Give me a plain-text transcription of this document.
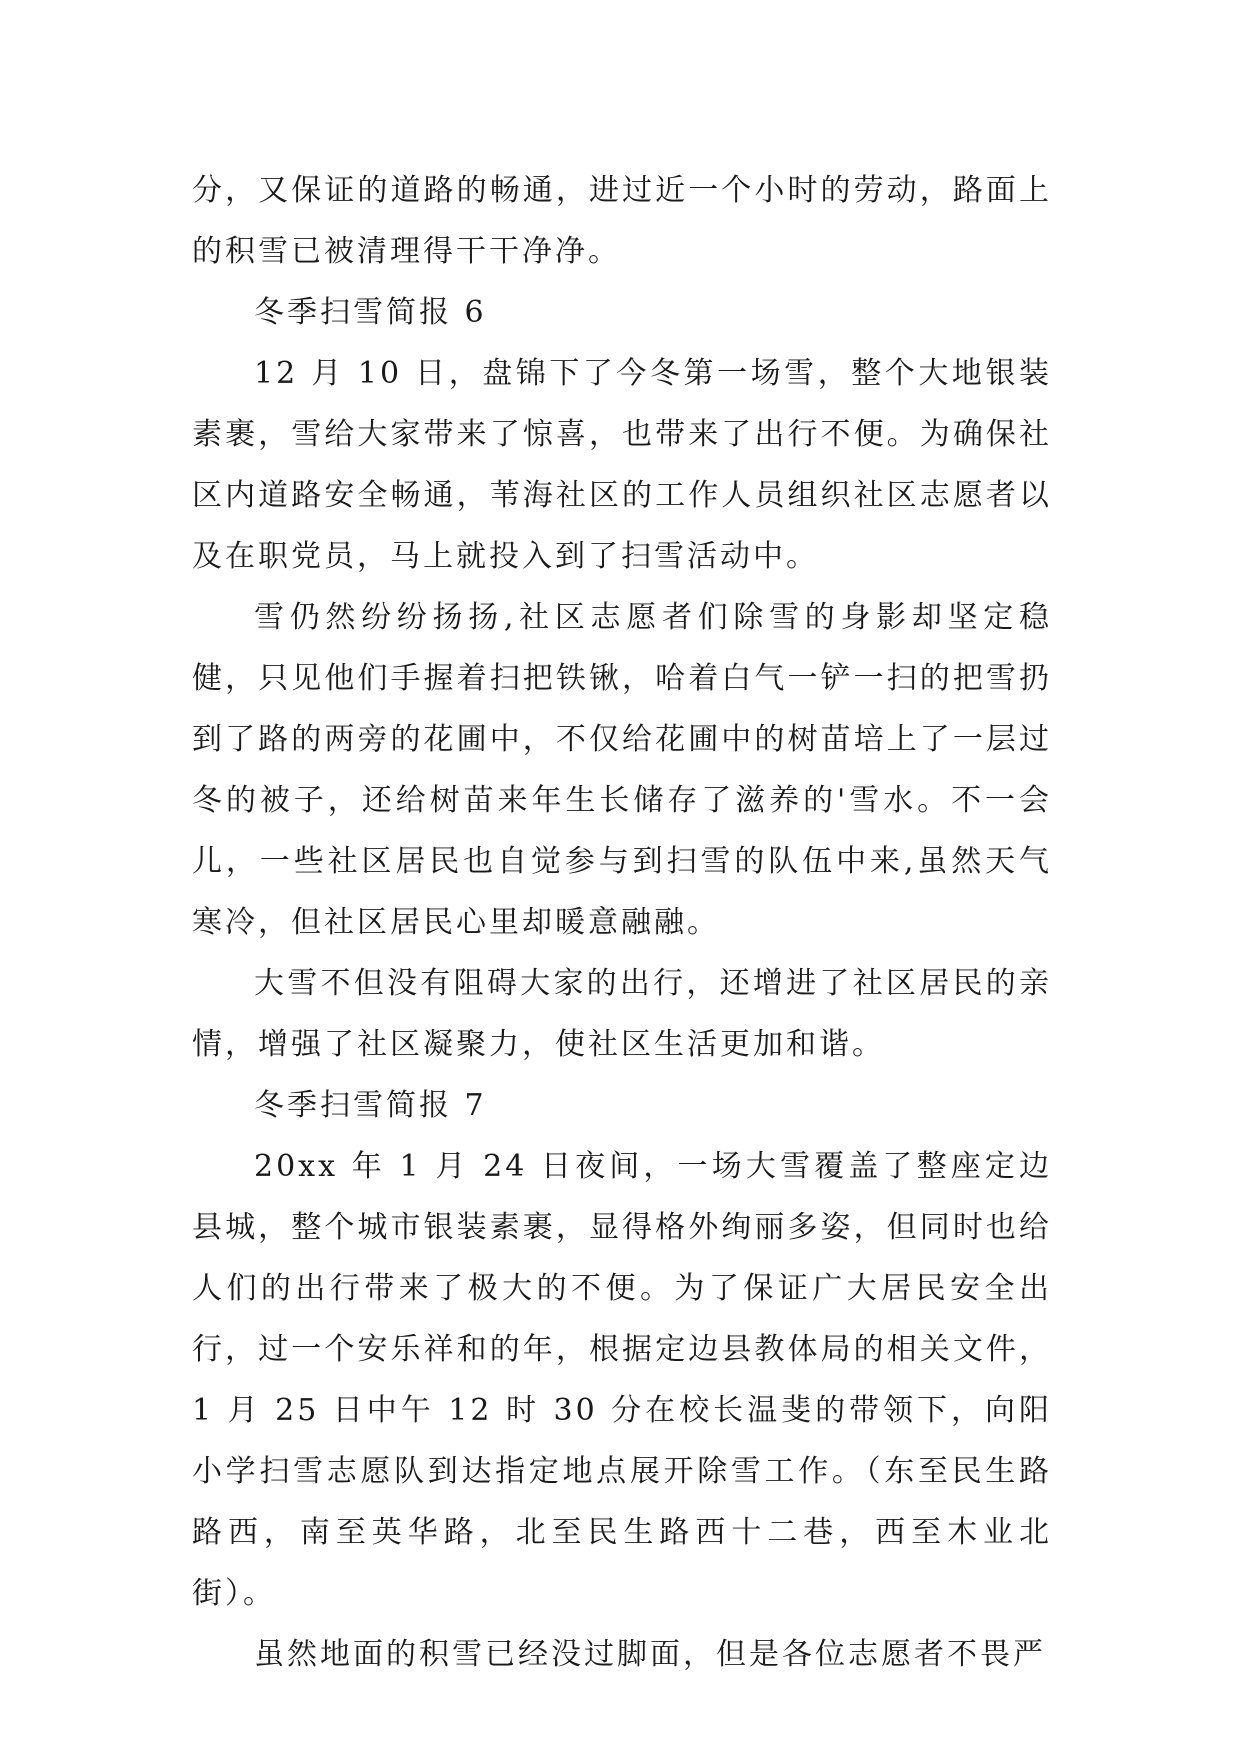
分，又保证的道路的畅通，进过近一个小时的劳动，路面上的积雪已被清理得干干净净。

冬季扫雪简报 6

12 月 10 日，盘锦下了今冬第一场雪，整个大地银装素裹，雪给大家带来了惊喜，也带来了出行不便。为确保社区内道路安全畅通，苇海社区的工作人员组织社区志愿者以及在职党员，马上就投入到了扫雪活动中。

雪仍然纷纷扬扬,社区志愿者们除雪的身影却坚定稳健，只见他们手握着扫把铁锹，哈着白气一铲一扫的把雪扔到了路的两旁的花圃中，不仅给花圃中的树苗培上了一层过冬的被子，还给树苗来年生长储存了滋养的'雪水。不一会儿，一些社区居民也自觉参与到扫雪的队伍中来,虽然天气寒冷，但社区居民心里却暖意融融。

大雪不但没有阻碍大家的出行，还增进了社区居民的亲情，增强了社区凝聚力，使社区生活更加和谐。

冬季扫雪简报 7

20xx 年 1 月 24 日夜间，一场大雪覆盖了整座定边县城，整个城市银装素裹，显得格外绚丽多姿，但同时也给人们的出行带来了极大的不便。为了保证广大居民安全出行，过一个安乐祥和的年，根据定边县教体局的相关文件，1 月 25 日中午 12 时 30 分在校长温斐的带领下，向阳小学扫雪志愿队到达指定地点展开除雪工作。（东至民生路路西，南至英华路，北至民生路西十二巷，西至木业北街）。

虽然地面的积雪已经没过脚面，但是各位志愿者不畏严
